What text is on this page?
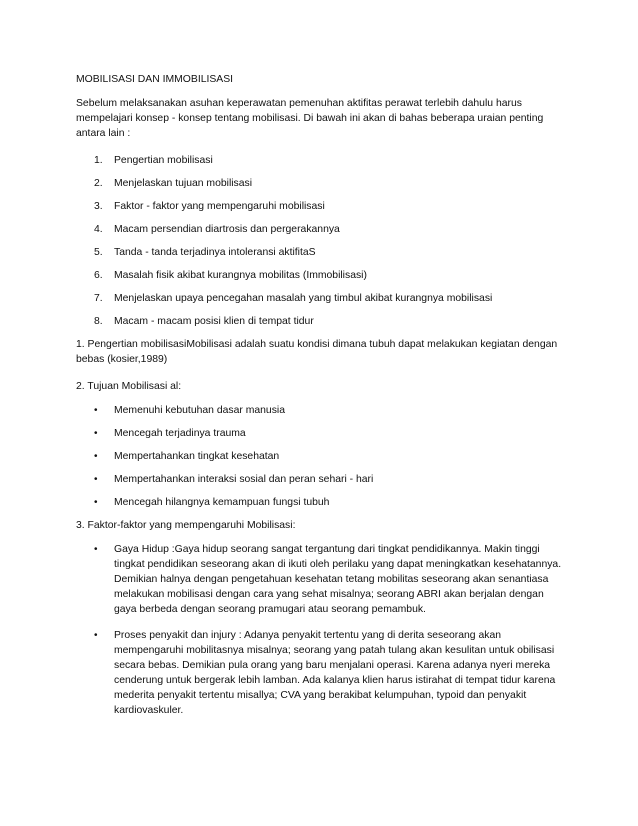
MOBILISASI DAN IMMOBILISASI

Sebelum melaksanakan asuhan keperawatan pemenuhan aktifitas perawat terlebih dahulu harus mempelajari konsep - konsep tentang mobilisasi. Di bawah ini akan di bahas beberapa uraian penting antara lain :

1. Pengertian mobilisasi
2. Menjelaskan tujuan mobilisasi
3. Faktor - faktor yang mempengaruhi mobilisasi
4. Macam persendian diartrosis dan pergerakannya
5. Tanda - tanda terjadinya intoleransi aktifitaS
6. Masalah fisik akibat kurangnya mobilitas (Immobilisasi)
7. Menjelaskan upaya pencegahan masalah yang timbul akibat kurangnya mobilisasi
8. Macam - macam posisi klien di tempat tidur

1. Pengertian mobilisasiMobilisasi adalah suatu kondisi dimana tubuh dapat melakukan kegiatan dengan bebas (kosier,1989)

2. Tujuan Mobilisasi al:

• Memenuhi kebutuhan dasar manusia
• Mencegah terjadinya trauma
• Mempertahankan tingkat kesehatan
• Mempertahankan interaksi sosial dan peran sehari - hari
• Mencegah hilangnya kemampuan fungsi tubuh

3. Faktor-faktor yang mempengaruhi Mobilisasi:

• Gaya Hidup :Gaya hidup seorang sangat tergantung dari tingkat pendidikannya. Makin tinggi tingkat pendidikan seseorang akan di ikuti oleh perilaku yang dapat meningkatkan kesehatannya. Demikian halnya dengan pengetahuan kesehatan tetang mobilitas seseorang akan senantiasa melakukan mobilisasi dengan cara yang sehat misalnya; seorang ABRI akan berjalan dengan gaya berbeda dengan seorang pramugari atau seorang pemambuk.
• Proses penyakit dan injury : Adanya penyakit tertentu yang di derita seseorang akan mempengaruhi mobilitasnya misalnya; seorang yang patah tulang akan kesulitan untuk obilisasi secara bebas. Demikian pula orang yang baru menjalani operasi. Karena adanya nyeri mereka cenderung untuk bergerak lebih lamban. Ada kalanya klien harus istirahat di tempat tidur karena mederita penyakit tertentu misallya; CVA yang berakibat kelumpuhan, typoid dan penyakit kardiovaskuler.
